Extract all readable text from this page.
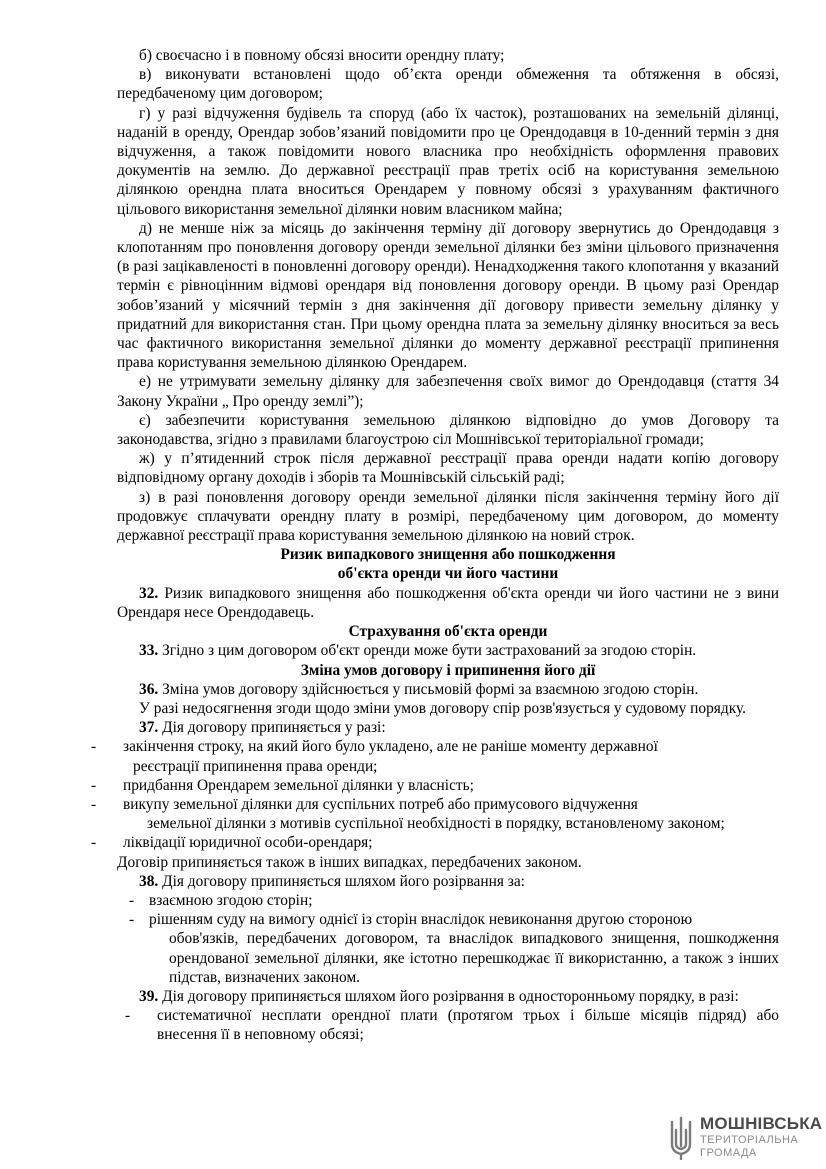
б) своєчасно і в повному обсязі вносити орендну плату;

в) виконувати встановлені щодо об’єкта оренди обмеження та обтяження в обсязі, передбаченому цим договором;

г) у разі відчуження будівель та споруд (або їх часток), розташованих на земельній ділянці, наданій в оренду, Орендар зобов’язаний повідомити про це Орендодавця в 10-денний термін з дня відчуження, а також повідомити нового власника про необхідність оформлення правових документів на землю. До державної реєстрації прав третіх осіб на користування земельною ділянкою орендна плата вноситься Орендарем у повному обсязі з урахуванням фактичного цільового використання земельної ділянки новим власником майна;

д) не менше ніж за місяць до закінчення терміну дії договору звернутись до Орендодавця з клопотанням про поновлення договору оренди земельної ділянки без зміни цільового призначення (в разі зацікавленості в поновленні договору оренди). Ненадходження такого клопотання у вказаний термін є рівноцінним відмові орендаря від поновлення договору оренди. В цьому разі Орендар зобов’язаний у місячний термін з дня закінчення дії договору привести земельну ділянку у придатний для використання стан. При цьому орендна плата за земельну ділянку вноситься за весь час фактичного використання земельної ділянки до моменту державної реєстрації припинення права користування земельною ділянкою Орендарем.

е) не утримувати земельну ділянку для забезпечення своїх вимог до Орендодавця (стаття 34 Закону України „ Про оренду землі”);

є) забезпечити користування земельною ділянкою відповідно до умов Договору та законодавства, згідно з правилами благоустрою сіл Мошнівської територіальної громади;

ж) у п’ятиденний строк після державної реєстрації права оренди надати копію договору відповідному органу доходів і зборів та Мошнівській сільській раді;

з) в разі поновлення договору оренди земельної ділянки після закінчення терміну його дії продовжує сплачувати орендну плату в розмірі, передбаченому цим договором, до моменту державної реєстрації права користування земельною ділянкою на новий строк.

Ризик випадкового знищення або пошкодження

об'єкта оренди чи його частини

32. Ризик випадкового знищення або пошкодження об'єкта оренди чи його частини не з вини Орендаря несе Орендодавець.

Страхування об'єкта оренди

33. Згідно з цим договором об'єкт оренди може бути застрахований за згодою сторін.

Зміна умов договору і припинення його дії

36. Зміна умов договору здійснюється у письмовій формі за взаємною згодою сторін.

У разі недосягнення згоди щодо зміни умов договору спір розв'язується у судовому порядку.

37. Дія договору припиняється у разі:

-	закінчення строку, на який його було укладено, але не раніше моменту державної
реєстрації припинення права оренди;
-	придбання Орендарем земельної ділянки у власність;
-	викупу земельної ділянки для суспільних потреб або примусового відчуження
земельної ділянки з мотивів суспільної необхідності в порядку, встановленому законом;
-	ліквідації юридичної особи-орендаря;

Договір припиняється також в інших випадках, передбачених законом.

38. Дія договору припиняється шляхом його розірвання за:

- взаємною згодою сторін;
- рішенням суду на вимогу однієї із сторін внаслідок невиконання другою стороною
обов'язків, передбачених договором, та внаслідок випадкового знищення, пошкодження орендованої земельної ділянки, яке істотно перешкоджає її використанню, а також з інших підстав, визначених законом.

39. Дія договору припиняється шляхом його розірвання в односторонньому порядку, в разі:

- систематичної несплати орендної плати (протягом трьох і більше місяців підряд) або внесення її в неповному обсязі;
МОШНІВСЬКА
ТЕРИТОРІАЛЬНА
ГРОМАДА
